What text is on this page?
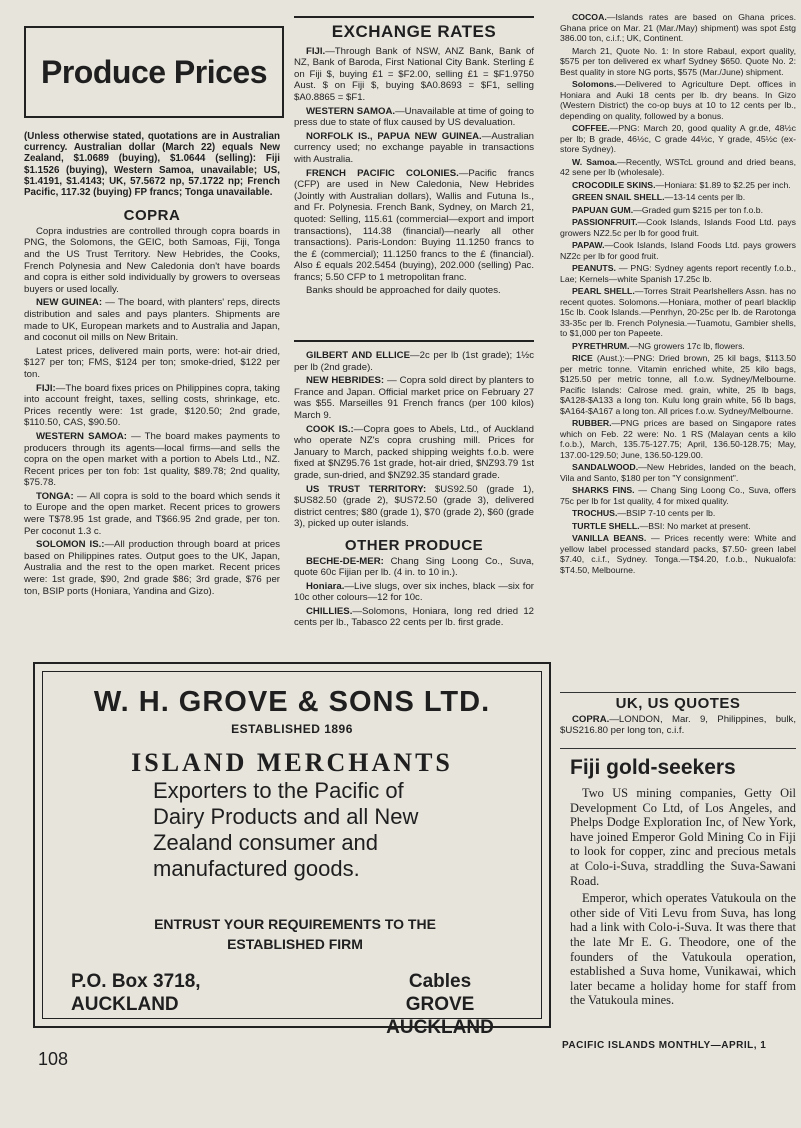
Produce Prices

(Unless otherwise stated, quotations are in Australian currency. Australian dollar (March 22) equals New Zealand, $1.0689 (buying), $1.0644 (selling): Fiji $1.1526 (buying), Western Samoa, unavailable; US, $1.4191, $1.4143; UK, 57.5672 np, 57.1722 np; French Pacific, 117.32 (buying) FP francs; Tonga unavailable.

COPRA

Copra industries are controlled through copra boards in PNG, the Solomons, the GEIC, both Samoas, Fiji, Tonga and the US Trust Territory. New Hebrides, the Cooks, French Polynesia and New Caledonia don't have boards and copra is either sold individually by growers to overseas buyers or used locally.

NEW GUINEA: — The board, with planters' reps, directs distribution and sales and pays planters. Shipments are made to UK, European markets and to Australia and Japan, and coconut oil mills on New Britain.

Latest prices, delivered main ports, were: hot-air dried, $127 per ton; FMS, $124 per ton; smoke-dried, $122 per ton.

FIJI:—The board fixes prices on Philippines copra, taking into account freight, taxes, selling costs, shrinkage, etc. Prices recently were: 1st grade, $120.50; 2nd grade, $110.50, CAS, $90.50.

WESTERN SAMOA: — The board makes payments to producers through its agents—local firms—and sells the copra on the open market with a portion to Abels Ltd., NZ. Recent prices per ton fob: 1st quality, $89.78; 2nd quality, $75.78.

TONGA: — All copra is sold to the board which sends it to Europe and the open market. Recent prices to growers were T$78.95 1st grade, and T$66.95 2nd grade, per ton. Per coconut 1.3 c.

SOLOMON IS.:—All production through board at prices based on Philippines rates. Output goes to the UK, Japan, Australia and the rest to the open market. Recent prices were: 1st grade, $90, 2nd grade $86; 3rd grade, $76 per ton, BSIP ports (Honiara, Yandina and Gizo).

EXCHANGE RATES

FIJI.—Through Bank of NSW, ANZ Bank, Bank of NZ, Bank of Baroda, First National City Bank. Sterling £ on Fiji $, buying £1 = $F2.00, selling £1 = $F1.9750 Aust. $ on Fiji $, buying $A0.8693 = $F1, selling $A0.8865 = $F1.

WESTERN SAMOA.—Unavailable at time of going to press due to state of flux caused by US devaluation.

NORFOLK IS., PAPUA NEW GUINEA.—Australian currency used; no exchange payable in transactions with Australia.

FRENCH PACIFIC COLONIES.—Pacific francs (CFP) are used in New Caledonia, New Hebrides (Jointly with Australian dollars), Wallis and Futuna Is., and Fr. Polynesia. French Bank, Sydney, on March 21, quoted: Selling, 115.61 (commercial—export and import transactions), 114.38 (financial)—nearly all other transactions). Paris-London: Buying 11.1250 francs to the £ (commercial); 11.1250 francs to the £ (financial). Also £ equals 202.5454 (buying), 202.000 (selling) Pac. francs; 5.50 CFP to 1 metropolitan franc.

Banks should be approached for daily quotes.

GILBERT AND ELLICE—2c per lb (1st grade); 1½c per lb (2nd grade).

NEW HEBRIDES: — Copra sold direct by planters to France and Japan. Official market price on February 27 was $55. Marseilles 91 French francs (per 100 kilos) March 9.

COOK IS.:—Copra goes to Abels, Ltd., of Auckland who operate NZ's copra crushing mill. Prices for January to March, packed shipping weights f.o.b. were fixed at $NZ95.76 1st grade, hot-air dried, $NZ93.79 1st grade, sun-dried, and $NZ92.35 standard grade.

US TRUST TERRITORY: $US92.50 (grade 1), $US82.50 (grade 2), $US72.50 (grade 3), delivered district centres; $80 (grade 1), $70 (grade 2), $60 (grade 3), picked up outer islands.

OTHER PRODUCE

BECHE-DE-MER: Chang Sing Loong Co., Suva, quote 60c Fijian per lb. (4 in. to 10 in.).

Honiara.—Live slugs, over six inches, black —six for 10c other colours—12 for 10c.

CHILLIES.—Solomons, Honiara, long red dried 12 cents per lb., Tabasco 22 cents per lb. first grade.

COCOA.—Islands rates are based on Ghana prices. Ghana price on Mar. 21 (Mar./May) shipment) was spot £stg 386.00 ton, c.i.f.; UK, Continent.

March 21, Quote No. 1: In store Rabaul, export quality, $575 per ton delivered ex wharf Sydney $650. Quote No. 2: Best quality in store NG ports, $575 (Mar./June) shipment.

Solomons.—Delivered to Agriculture Dept. offices in Honiara and Auki 18 cents per lb. dry beans. In Gizo (Western District) the co-op buys at 10 to 12 cents per lb., depending on quality, followed by a bonus.

COFFEE.—PNG: March 20, good quality A gr.de, 48½c per lb; B grade, 46½c, C grade 44½c, Y grade, 45½c (ex-store Sydney).

W. Samoa.—Recently, WSTcL ground and dried beans, 42 sene per lb (wholesale).

CROCODILE SKINS.—Honiara: $1.89 to $2.25 per inch.

GREEN SNAIL SHELL.—13-14 cents per lb.

PAPUAN GUM.—Graded gum $215 per ton f.o.b.

PASSIONFRUIT.—Cook Islands, Islands Food Ltd. pays growers NZ2.5c per lb for good fruit.

PAPAW.—Cook Islands, Island Foods Ltd. pays growers NZ2c per lb for good fruit.

PEANUTS. — PNG: Sydney agents report recently f.o.b., Lae; Kernels—white Spanish 17.25c lb.

PEARL SHELL.—Torres Strait Pearlshellers Assn. has no recent quotes. Solomons.—Honiara, mother of pearl blacklip 15c lb. Cook Islands.—Penrhyn, 20-25c per lb. de Rarotonga 33-35c per lb. French Polynesia.—Tuamotu, Gambier shells, to $1,000 per ton Papeete.

PYRETHRUM.—NG growers 17c lb, flowers.

RICE (Aust.):—PNG: Dried brown, 25 kil bags, $113.50 per metric tonne. Vitamin enriched white, 25 kilo bags, $125.50 per metric tonne, all f.o.w. Sydney/Melbourne. Pacific Islands: Calrose med. grain, white, 25 lb bags, $A128-$A133 a long ton. Kulu long grain white, 56 lb bags, $A164-$A167 a long ton. All prices f.o.w. Sydney/Melbourne.

RUBBER.—PNG prices are based on Singapore rates which on Feb. 22 were: No. 1 RS (Malayan cents a kilo f.o.b.), March, 135.75-127.75; April, 136.50-128.75; May, 137.00-129.50; June, 136.50-129.00.

SANDALWOOD.—New Hebrides, landed on the beach, Vila and Santo, $180 per ton "Y consignment".

SHARKS FINS. — Chang Sing Loong Co., Suva, offers 75c per lb for 1st quality, 4 for mixed quality.

TROCHUS.—BSIP 7-10 cents per lb.

TURTLE SHELL.—BSI: No market at present.

VANILLA BEANS. — Prices recently were: White and yellow label processed standard packs, $7.50- green label $7.40, c.i.f., Sydney. Tonga.—T$4.20, f.o.b., Nukualofa: $T4.50, Melbourne.

UK, US QUOTES

COPRA.—LONDON, Mar. 9, Philippines, bulk, $US216.80 per long ton, c.i.f.

Fiji gold-seekers

Two US mining companies, Getty Oil Development Co Ltd, of Los Angeles, and Phelps Dodge Exploration Inc, of New York, have joined Emperor Gold Mining Co in Fiji to look for copper, zinc and precious metals at Colo-i-Suva, straddling the Suva-Sawani Road.

Emperor, which operates Vatukoula on the other side of Viti Levu from Suva, has long had a link with Colo-i-Suva. It was there that the late Mr E. G. Theodore, one of the founders of the Vatukoula operation, established a Suva home, Vunikawai, which later became a holiday home for staff from the Vatukoula mines.

W. H. GROVE & SONS LTD.
ESTABLISHED 1896
ISLAND MERCHANTS
Exporters to the Pacific of Dairy Products and all New Zealand consumer and manufactured goods.
ENTRUST YOUR REQUIREMENTS TO THE ESTABLISHED FIRM
P.O. Box 3718,
AUCKLAND
Cables
GROVE AUCKLAND
108
PACIFIC ISLANDS MONTHLY—APRIL, 1
